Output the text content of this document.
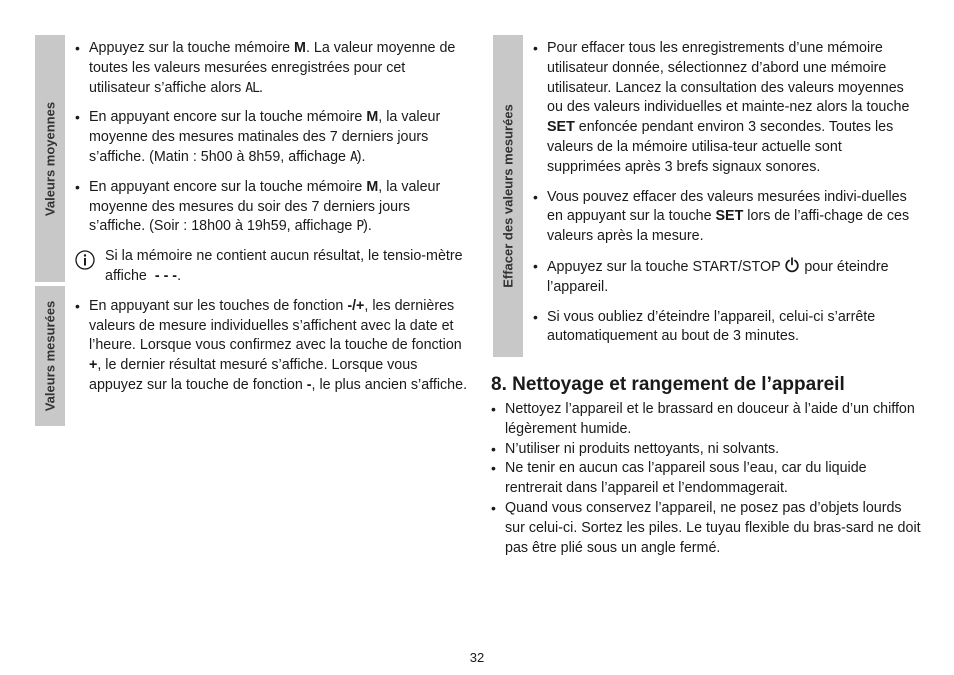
Valeurs moyennes
Valeurs mesurées
• Appuyez sur la touche mémoire M. La valeur moyenne de toutes les valeurs mesurées enregistrées pour cet utilisateur s’affiche alors AL.
• En appuyant encore sur la touche mémoire M, la valeur moyenne des mesures matinales des 7 derniers jours s’affiche. (Matin : 5h00 à 8h59, affichage A).
• En appuyant encore sur la touche mémoire M, la valeur moyenne des mesures du soir des 7 derniers jours s’affiche. (Soir : 18h00 à 19h59, affichage P).
Si la mémoire ne contient aucun résultat, le tensio-mètre affiche - - -.
• En appuyant sur les touches de fonction -/+, les dernières valeurs de mesure individuelles s’affichent avec la date et l’heure. Lorsque vous confirmez avec la touche de fonction +, le dernier résultat mesuré s’affiche. Lorsque vous appuyez sur la touche de fonction -, le plus ancien s’affiche.
Effacer des valeurs mesurées
• Pour effacer tous les enregistrements d’une mémoire utilisateur donnée, sélectionnez d’abord une mémoire utilisateur. Lancez la consultation des valeurs moyennes ou des valeurs individuelles et mainte-nez alors la touche SET enfoncée pendant environ 3 secondes. Toutes les valeurs de la mémoire utilisa-teur actuelle sont supprimées après 3 brefs signaux sonores.
• Vous pouvez effacer des valeurs mesurées indivi-duelles en appuyant sur la touche SET lors de l’affi-chage de ces valeurs après la mesure.
• Appuyez sur la touche START/STOP  pour éteindre l’appareil.
• Si vous oubliez d’éteindre l’appareil, celui-ci s’arrête automatiquement au bout de 3 minutes.
8. Nettoyage et rangement de l’appareil
• Nettoyez l’appareil et le brassard en douceur à l’aide d’un chiffon légèrement humide.
• N’utiliser ni produits nettoyants, ni solvants.
• Ne tenir en aucun cas l’appareil sous l’eau, car du liquide rentrerait dans l’appareil et l’endommagerait.
• Quand vous conservez l’appareil, ne posez pas d’objets lourds sur celui-ci. Sortez les piles. Le tuyau flexible du bras-sard ne doit pas être plié sous un angle fermé.
32
